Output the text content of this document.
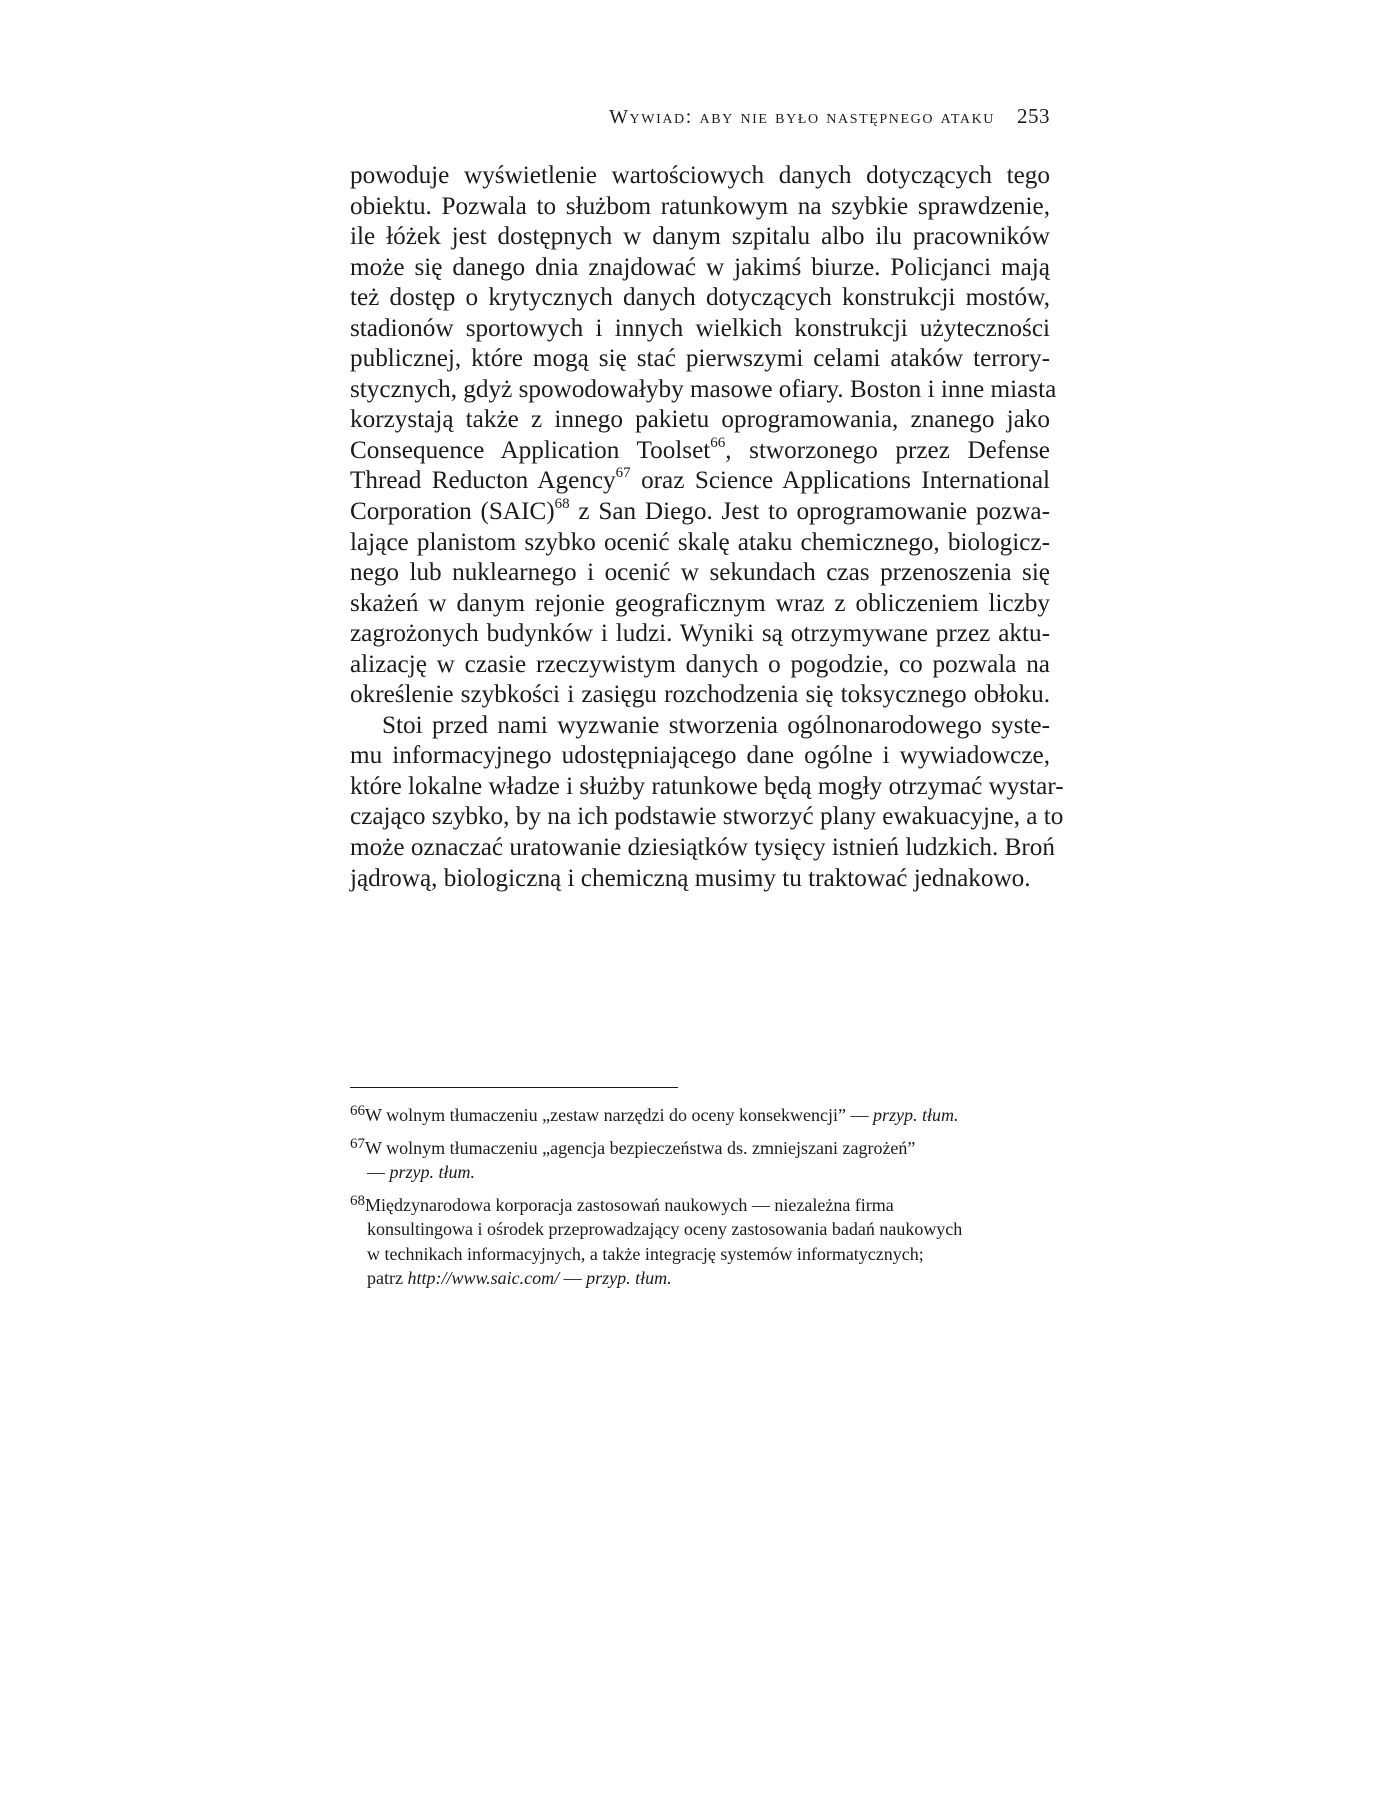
Wywiad: aby nie było następnego ataku 253
powoduje wyświetlenie wartościowych danych dotyczących tego
obiektu. Pozwala to służbom ratunkowym na szybkie sprawdzenie,
ile łóżek jest dostępnych w danym szpitalu albo ilu pracowników
może się danego dnia znajdować w jakimś biurze. Policjanci mają
też dostęp o krytycznych danych dotyczących konstrukcji mostów,
stadionów sportowych i innych wielkich konstrukcji użyteczności
publicznej, które mogą się stać pierwszymi celami ataków terrory-
stycznych, gdyż spowodowałyby masowe ofiary. Boston i inne miasta
korzystają także z innego pakietu oprogramowania, znanego jako
Consequence Application Toolset$^{66}$, stworzonego przez Defense
Thread Reducton Agency$^{67}$ oraz Science Applications International
Corporation (SAIC)$^{68}$ z San Diego. Jest to oprogramowanie pozwa-
lające planistom szybko ocenić skalę ataku chemicznego, biologicz-
nego lub nuklearnego i ocenić w sekundach czas przenoszenia się
skażeń w danym rejonie geograficznym wraz z obliczeniem liczby
zagrożonych budynków i ludzi. Wyniki są otrzymywane przez aktu-
alizację w czasie rzeczywistym danych o pogodzie, co pozwala na
określenie szybkości i zasięgu rozchodzenia się toksycznego obłoku.
Stoi przed nami wyzwanie stworzenia ogólnonarodowego syste-
mu informacyjnego udostępniającego dane ogólne i wywiadowcze,
które lokalne władze i służby ratunkowe będą mogły otrzymać wystar-
czająco szybko, by na ich podstawie stworzyć plany ewakuacyjne, a to
może oznaczać uratowanie dziesiątków tysięcy istnień ludzkich. Broń
jądrową, biologiczną i chemiczną musimy tu traktować jednakowo.
$^{66}$W wolnym tłumaczeniu „zestaw narzędzi do oceny konsekwencji” — przyp. tłum.
$^{67}$W wolnym tłumaczeniu „agencja bezpieczeństwa ds. zmniejszani zagrożeń”
— przyp. tłum.
$^{68}$Międzynarodowa korporacja zastosowań naukowych — niezależna firma
konsultingowa i ośrodek przeprowadzający oceny zastosowania badań naukowych
w technikach informacyjnych, a także integrację systemów informatycznych;
patrz http://www.saic.com/ — przyp. tłum.
